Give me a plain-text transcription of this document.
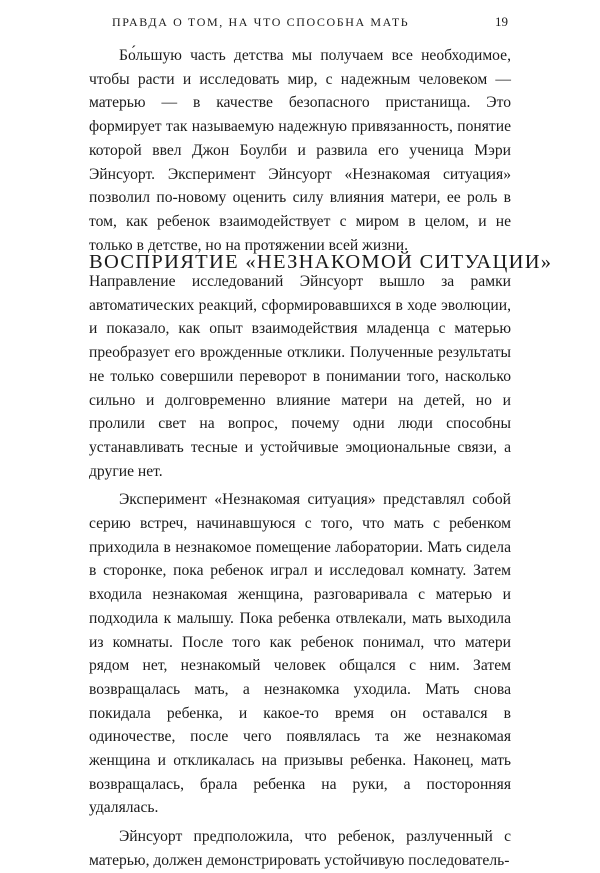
ПРАВДА О ТОМ, НА ЧТО СПОСОБНА МАТЬ	19

Бо́льшую часть детства мы получаем все необходимое, чтобы расти и исследовать мир, с надежным человеком — матерью — в качестве безопасного пристанища. Это формирует так называемую надежную привязанность, понятие которой ввел Джон Боулби и развила его ученица Мэри Эйнсуорт. Эксперимент Эйнсуорт «Незнакомая ситуация» позволил по-новому оценить силу влияния матери, ее роль в том, как ребенок взаимодействует с миром в целом, и не только в детстве, но на протяжении всей жизни.

ВОСПРИЯТИЕ «НЕЗНАКОМОЙ СИТУАЦИИ»

Направление исследований Эйнсуорт вышло за рамки автоматических реакций, сформировавшихся в ходе эволюции, и показало, как опыт взаимодействия младенца с матерью преобразует его врожденные отклики. Полученные результаты не только совершили переворот в понимании того, насколько сильно и долговременно влияние матери на детей, но и пролили свет на вопрос, почему одни люди способны устанавливать тесные и устойчивые эмоциональные связи, а другие нет.

Эксперимент «Незнакомая ситуация» представлял собой серию встреч, начинавшуюся с того, что мать с ребенком приходила в незнакомое помещение лаборатории. Мать сидела в сторонке, пока ребенок играл и исследовал комнату. Затем входила незнакомая женщина, разговаривала с матерью и подходила к малышу. Пока ребенка отвлекали, мать выходила из комнаты. После того как ребенок понимал, что матери рядом нет, незнакомый человек общался с ним. Затем возвращалась мать, а незнакомка уходила. Мать снова покидала ребенка, и какое-то время он оставался в одиночестве, после чего появлялась та же незнакомая женщина и откликалась на призывы ребенка. Наконец, мать возвращалась, брала ребенка на руки, а посторонняя удалялась.

Эйнсуорт предположила, что ребенок, разлученный с матерью, должен демонстрировать устойчивую последователь-
